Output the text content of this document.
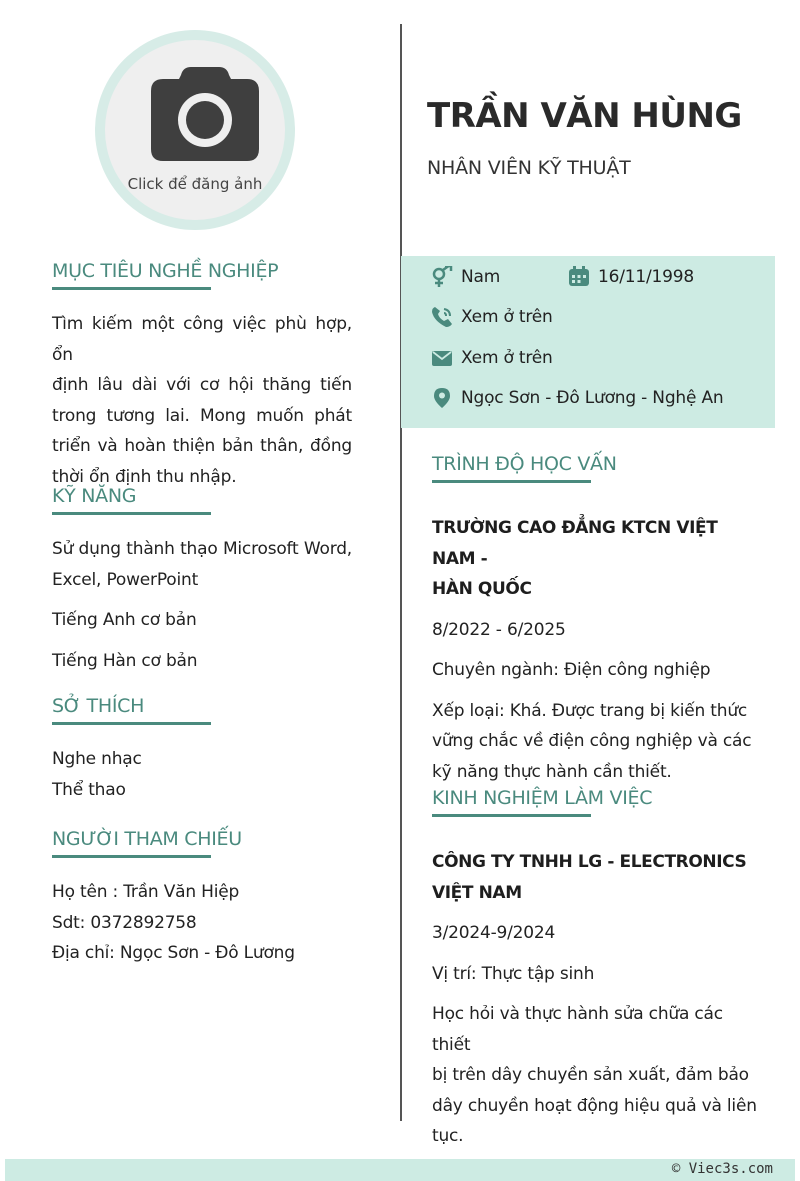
Click để đăng ảnh
TRẦN VĂN HÙNG
NHÂN VIÊN KỸ THUẬT
Nam	16/11/1998
Xem ở trên
Xem ở trên
Ngọc Sơn - Đô Lương - Nghệ An
MỤC TIÊU NGHỀ NGHIỆP
Tìm kiếm một công việc phù hợp, ổn
định lâu dài với cơ hội thăng tiến
trong tương lai. Mong muốn phát
triển và hoàn thiện bản thân, đồng
thời ổn định thu nhập.
KỸ NĂNG
Sử dụng thành thạo Microsoft Word,
Excel, PowerPoint
Tiếng Anh cơ bản
Tiếng Hàn cơ bản
SỞ THÍCH
Nghe nhạc
Thể thao
NGƯỜI THAM CHIẾU
Họ tên : Trần Văn Hiệp
Sdt: 0372892758
Địa chỉ: Ngọc Sơn - Đô Lương
TRÌNH ĐỘ HỌC VẤN
TRƯỜNG CAO ĐẲNG KTCN VIỆT NAM -
HÀN QUỐC
8/2022 - 6/2025
Chuyên ngành: Điện công nghiệp
Xếp loại: Khá. Được trang bị kiến thức
vững chắc về điện công nghiệp và các
kỹ năng thực hành cần thiết.
KINH NGHIỆM LÀM VIỆC
CÔNG TY TNHH LG - ELECTRONICS
VIỆT NAM
3/2024-9/2024
Vị trí: Thực tập sinh
Học hỏi và thực hành sửa chữa các thiết
bị trên dây chuyền sản xuất, đảm bảo
dây chuyền hoạt động hiệu quả và liên
tục.
© Viec3s.com
